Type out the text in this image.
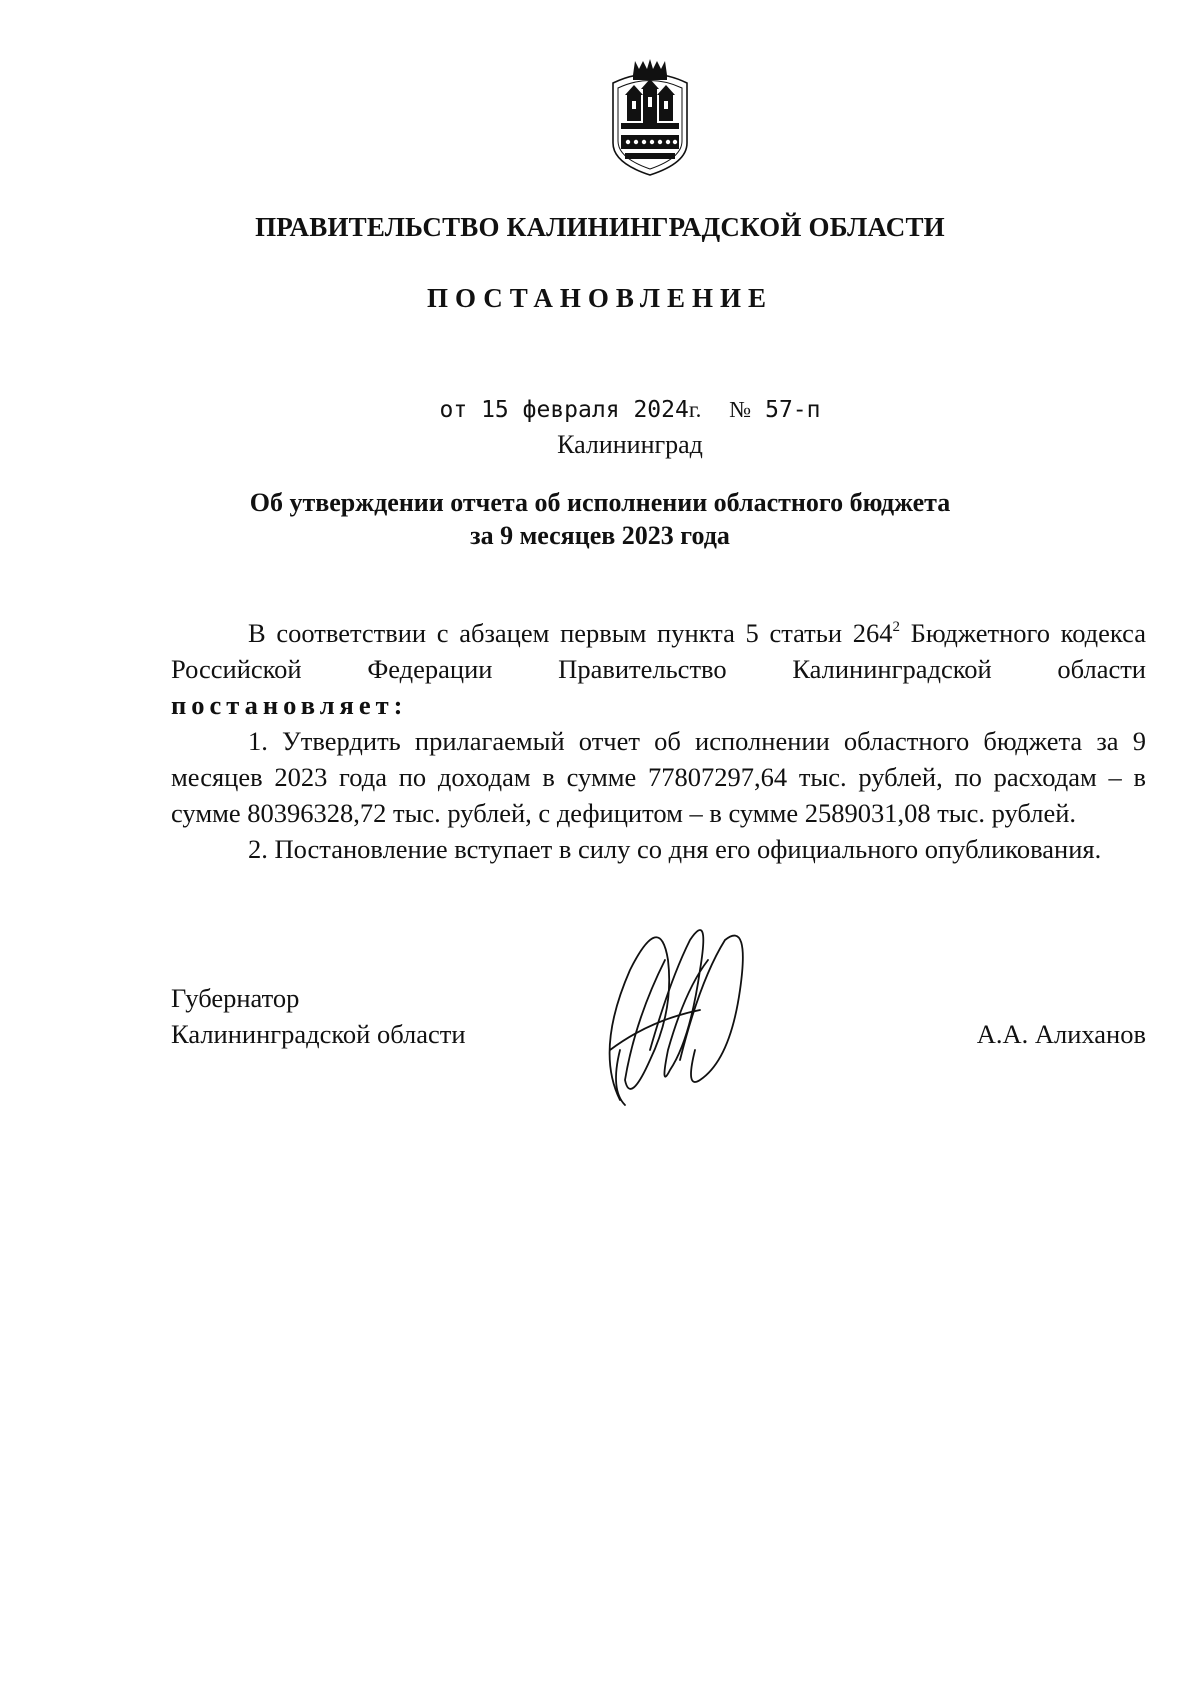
ПРАВИТЕЛЬСТВО КАЛИНИНГРАДСКОЙ ОБЛАСТИ
ПОСТАНОВЛЕНИЕ
от 15 февраля 2024г. № 57-п
Калининград
Об утверждении отчета об исполнении областного бюджета
за 9 месяцев 2023 года

В соответствии с абзацем первым пункта 5 статьи $264^2$ Бюджетного кодекса Российской Федерации Правительство Калининградской области постановляет:

1. Утвердить прилагаемый отчет об исполнении областного бюджета за 9 месяцев 2023 года по доходам в сумме 77807297,64 тыс. рублей, по расходам – в сумме 80396328,72 тыс. рублей, с дефицитом – в сумме 2589031,08 тыс. рублей.

2. Постановление вступает в силу со дня его официального опубликования.

Губернатор
Калининградской области	А.А. Алиханов
